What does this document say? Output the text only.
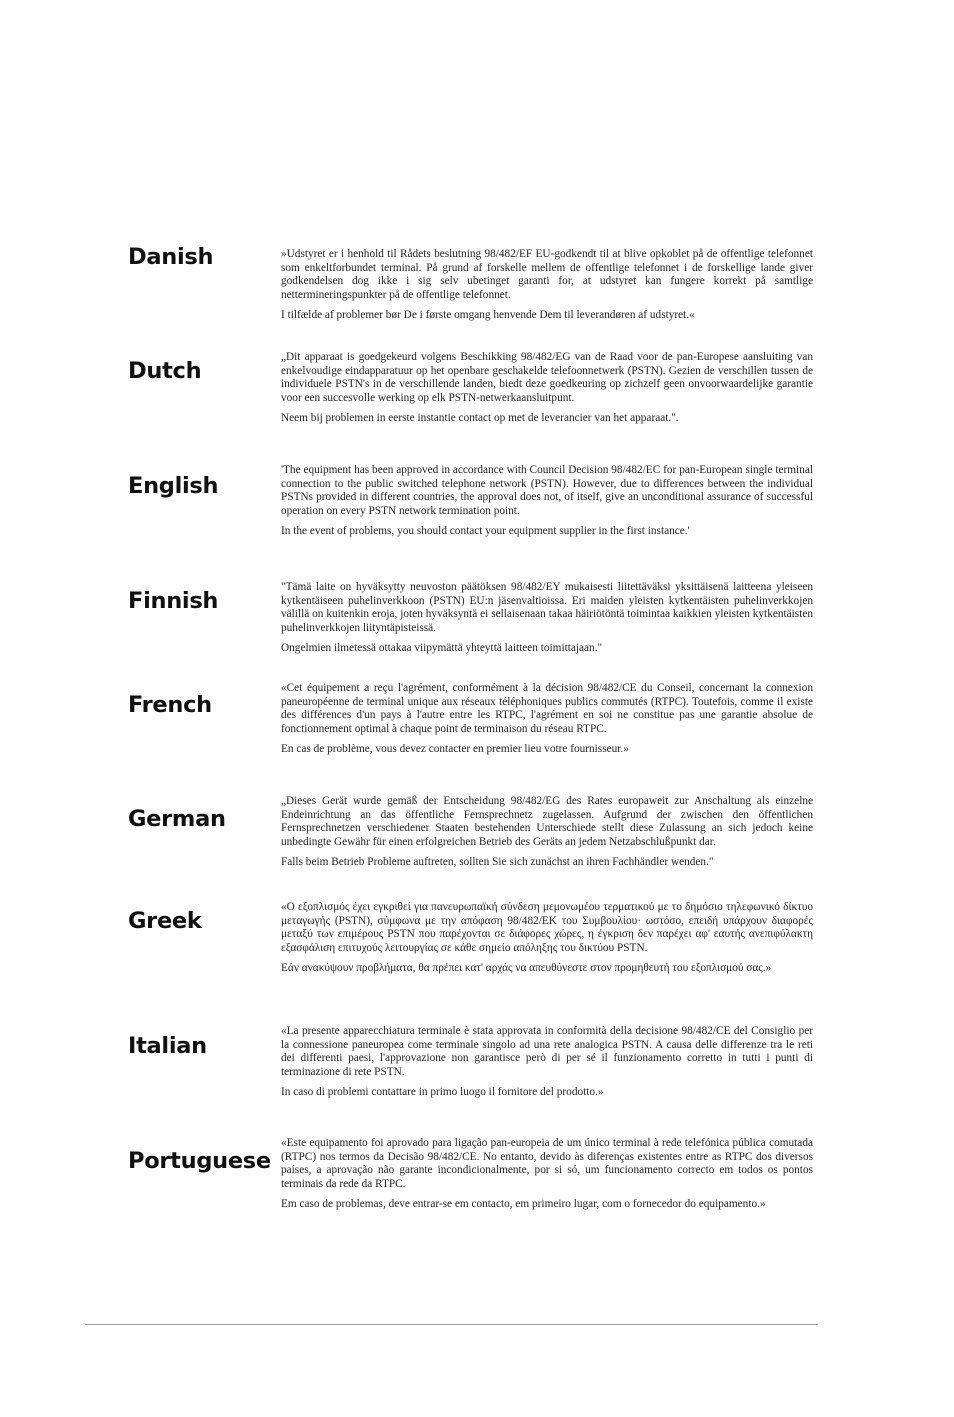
Danish	»Udstyret er i henhold til Rådets beslutning 98/482/EF EU-godkendt til at blive opkoblet på de offentlige telefonnet som enkeltforbundet terminal. På grund af forskelle mellem de offentlige telefonnet i de forskellige lande giver godkendelsen dog ikke i sig selv ubetinget garanti for, at udstyret kan fungere korrekt på samtlige nettermineringspunkter på de offentlige telefonnet.

I tilfælde af problemer bør De i første omgang henvende Dem til leverandøren af udstyret.«

Dutch

„Dit apparaat is goedgekeurd volgens Beschikking 98/482/EG van de Raad voor de pan-Europese aansluiting van enkelvoudige eindapparatuur op het openbare geschakelde telefoonnetwerk (PSTN). Gezien de verschillen tussen de individuele PSTN's in de verschillende landen, biedt deze goedkeuring op zichzelf geen onvoorwaardelijke garantie voor een succesvolle werking op elk PSTN-netwerkaansluitpunt.

Neem bij problemen in eerste instantie contact op met de leverancier van het apparaat.".

English

'The equipment has been approved in accordance with Council Decision 98/482/EC for pan-European single terminal connection to the public switched telephone network (PSTN). However, due to differences between the individual PSTNs provided in different countries, the approval does not, of itself, give an unconditional assurance of successful operation on every PSTN network termination point.

In the event of problems, you should contact your equipment supplier in the first instance.'

Finnish

"Tämä laite on hyväksytty neuvoston päätöksen 98/482/EY mukaisesti liitettäväksi yksittäisenä laitteena yleiseen kytkentäiseen puhelinverkkoon (PSTN) EU:n jäsenvaltioissa. Eri maiden yleisten kytkentäisten puhelinverkkojen välillä on kuitenkin eroja, joten hyväksyntä ei sellaisenaan takaa häiriötöntä toimintaa kaikkien yleisten kytkentäisten puhelinverkkojen liityntäpisteissä.

Ongelmien ilmetessä ottakaa viipymättä yhteyttä laitteen toimittajaan."

French

«Cet équipement a reçu l'agrément, conformément à la décision 98/482/CE du Conseil, concernant la connexion paneuropéenne de terminal unique aux réseaux téléphoniques publics commutés (RTPC). Toutefois, comme il existe des différences d'un pays à l'autre entre les RTPC, l'agrément en soi ne constitue pas une garantie absolue de fonctionnement optimal à chaque point de terminaison du réseau RTPC.

En cas de problème, vous devez contacter en premier lieu votre fournisseur.»

German

„Dieses Gerät wurde gemäß der Entscheidung 98/482/EG des Rates europaweit zur Anschaltung als einzelne Endeinrichtung an das öffentliche Fernsprechnetz zugelassen. Aufgrund der zwischen den öffentlichen Fernsprechnetzen verschiedener Staaten bestehenden Unterschiede stellt diese Zulassung an sich jedoch keine unbedingte Gewähr für einen erfolgreichen Betrieb des Geräts an jedem Netzabschlußpunkt dar.

Falls beim Betrieb Probleme auftreten, sollten Sie sich zunächst an ihren Fachhändler wenden."

Greek

«Ο εξοπλισμός έχει εγκριθεί για πανευρωπαϊκή σύνδεση μεμονωμέου τερματικού με το δημόσιο τηλεφωνικό δίκτυο μεταγωγής (PSTN), σύμφωνα με την απόφαση 98/482/ΕΚ του Συμβουλίου· ωστόσο, επειδή υπάρχουν διαφορές μεταξύ των επιμέρους PSTN που παρέχονται σε διάφορες χώρες, η έγκριση δεν παρέχει αφ' εαυτής ανεπιφύλακτη εξασφάλιση επιτυχούς λειτουργίας σε κάθε σημείο απόληξης του δικτύου PSTN.

Εάν ανακύψουν προβλήματα, θα πρέπει κατ' αρχάς να απευθύνεστε στον προμηθευτή του εξοπλισμού σας.»

Italian

«La presente apparecchiatura terminale è stata approvata in conformità della decisione 98/482/CE del Consiglio per la connessione paneuropea come terminale singolo ad una rete analogica PSTN. A causa delle differenze tra le reti dei differenti paesi, l'approvazione non garantisce però di per sé il funzionamento corretto in tutti i punti di terminazione di rete PSTN.

In caso di problemi contattare in primo luogo il fornitore del prodotto.»

Portuguese

«Este equipamento foi aprovado para ligação pan-europeia de um único terminal à rede telefónica pública comutada (RTPC) nos termos da Decisão 98/482/CE. No entanto, devido às diferenças existentes entre as RTPC dos diversos países, a aprovação não garante incondicionalmente, por si só, um funcionamento correcto em todos os pontos terminais da rede da RTPC.

Em caso de problemas, deve entrar-se em contacto, em primeiro lugar, com o fornecedor do equipamento.»
